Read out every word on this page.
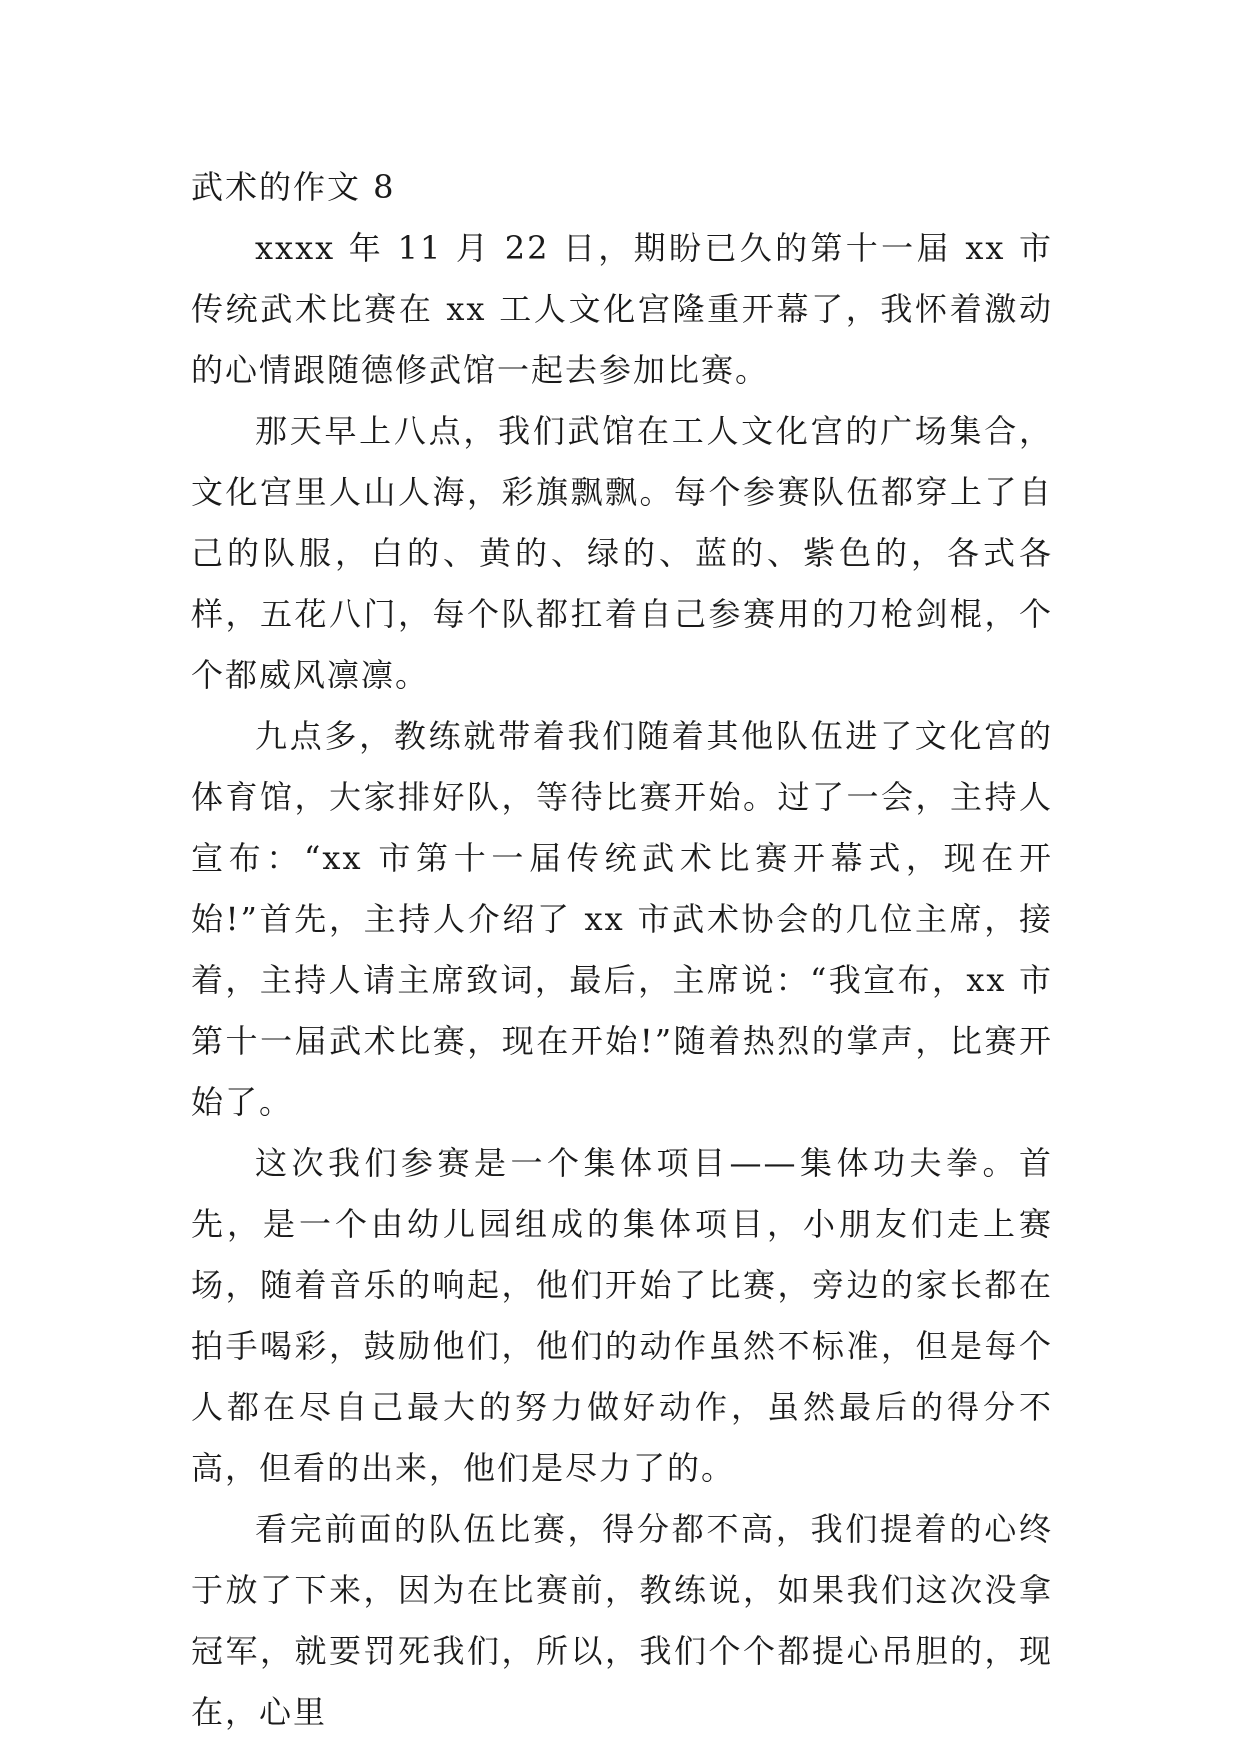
武术的作文 8

xxxx 年 11 月 22 日，期盼已久的第十一届 xx 市传统武术比赛在 xx 工人文化宫隆重开幕了，我怀着激动的心情跟随德修武馆一起去参加比赛。

那天早上八点，我们武馆在工人文化宫的广场集合，文化宫里人山人海，彩旗飘飘。每个参赛队伍都穿上了自己的队服，白的、黄的、绿的、蓝的、紫色的，各式各样，五花八门，每个队都扛着自己参赛用的刀枪剑棍，个个都威风凛凛。

九点多，教练就带着我们随着其他队伍进了文化宫的体育馆，大家排好队，等待比赛开始。过了一会，主持人宣布：“xx 市第十一届传统武术比赛开幕式，现在开始!”首先，主持人介绍了 xx 市武术协会的几位主席，接着，主持人请主席致词，最后，主席说：“我宣布，xx 市第十一届武术比赛，现在开始!”随着热烈的掌声，比赛开始了。

这次我们参赛是一个集体项目——集体功夫拳。首先，是一个由幼儿园组成的集体项目，小朋友们走上赛场，随着音乐的响起，他们开始了比赛，旁边的家长都在拍手喝彩，鼓励他们，他们的动作虽然不标准，但是每个人都在尽自己最大的努力做好动作，虽然最后的得分不高，但看的出来，他们是尽力了的。

看完前面的队伍比赛，得分都不高，我们提着的心终于放了下来，因为在比赛前，教练说，如果我们这次没拿冠军，就要罚死我们，所以，我们个个都提心吊胆的，现在，心里
